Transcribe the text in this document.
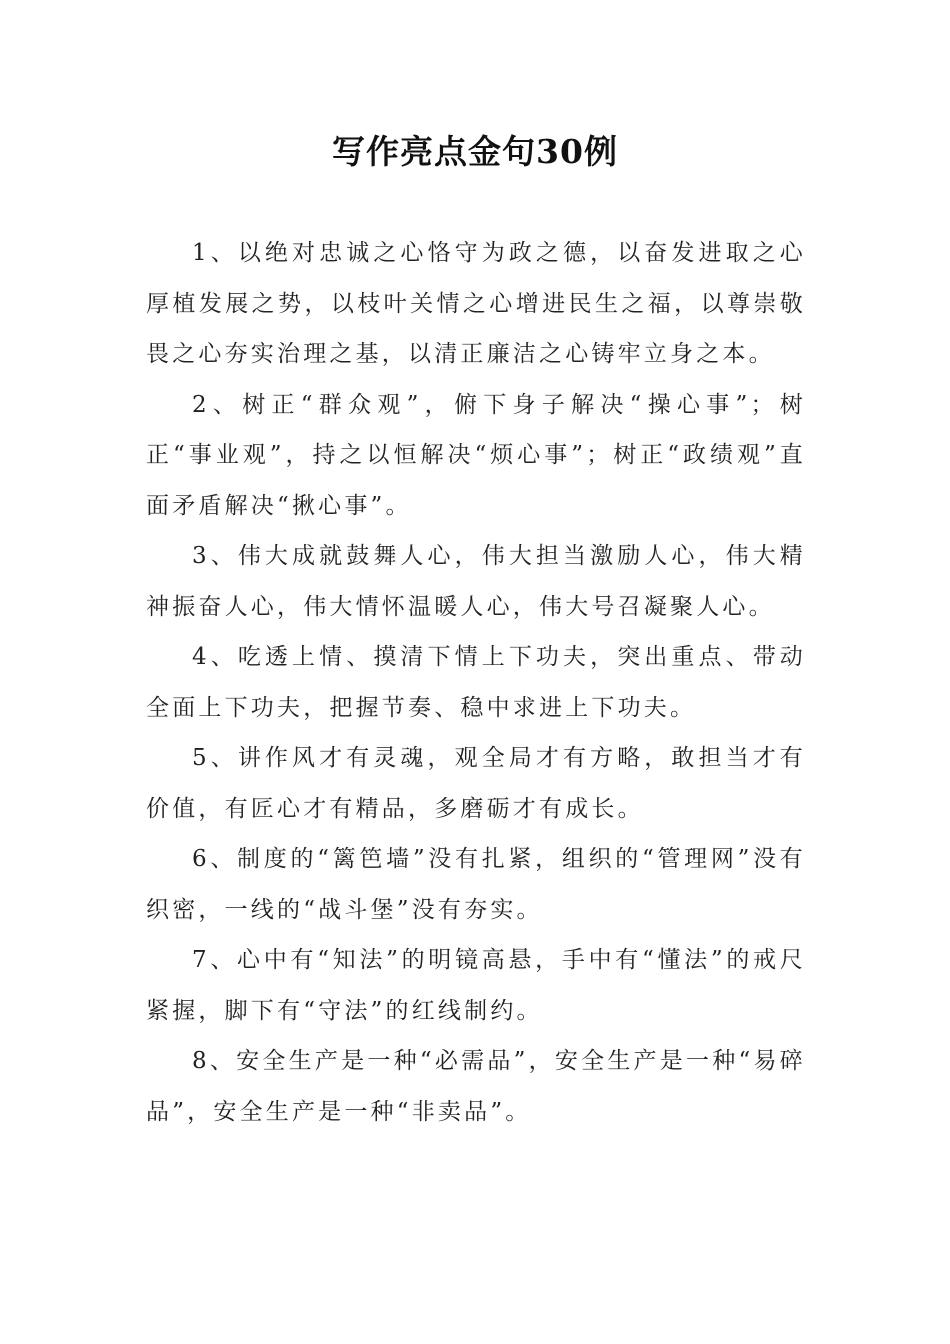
写作亮点金句30例

1、以绝对忠诚之心恪守为政之德，以奋发进取之心厚植发展之势，以枝叶关情之心增进民生之福，以尊崇敬畏之心夯实治理之基，以清正廉洁之心铸牢立身之本。

2、树正“群众观”，俯下身子解决“操心事”；树正“事业观”，持之以恒解决“烦心事”；树正“政绩观”直面矛盾解决“揪心事”。

3、伟大成就鼓舞人心，伟大担当激励人心，伟大精神振奋人心，伟大情怀温暖人心，伟大号召凝聚人心。

4、吃透上情、摸清下情上下功夫，突出重点、带动全面上下功夫，把握节奏、稳中求进上下功夫。

5、讲作风才有灵魂，观全局才有方略，敢担当才有价值，有匠心才有精品，多磨砺才有成长。

6、制度的“篱笆墙”没有扎紧，组织的“管理网”没有织密，一线的“战斗堡”没有夯实。

7、心中有“知法”的明镜高悬，手中有“懂法”的戒尺紧握，脚下有“守法”的红线制约。

8、安全生产是一种“必需品”，安全生产是一种“易碎品”，安全生产是一种“非卖品”。
